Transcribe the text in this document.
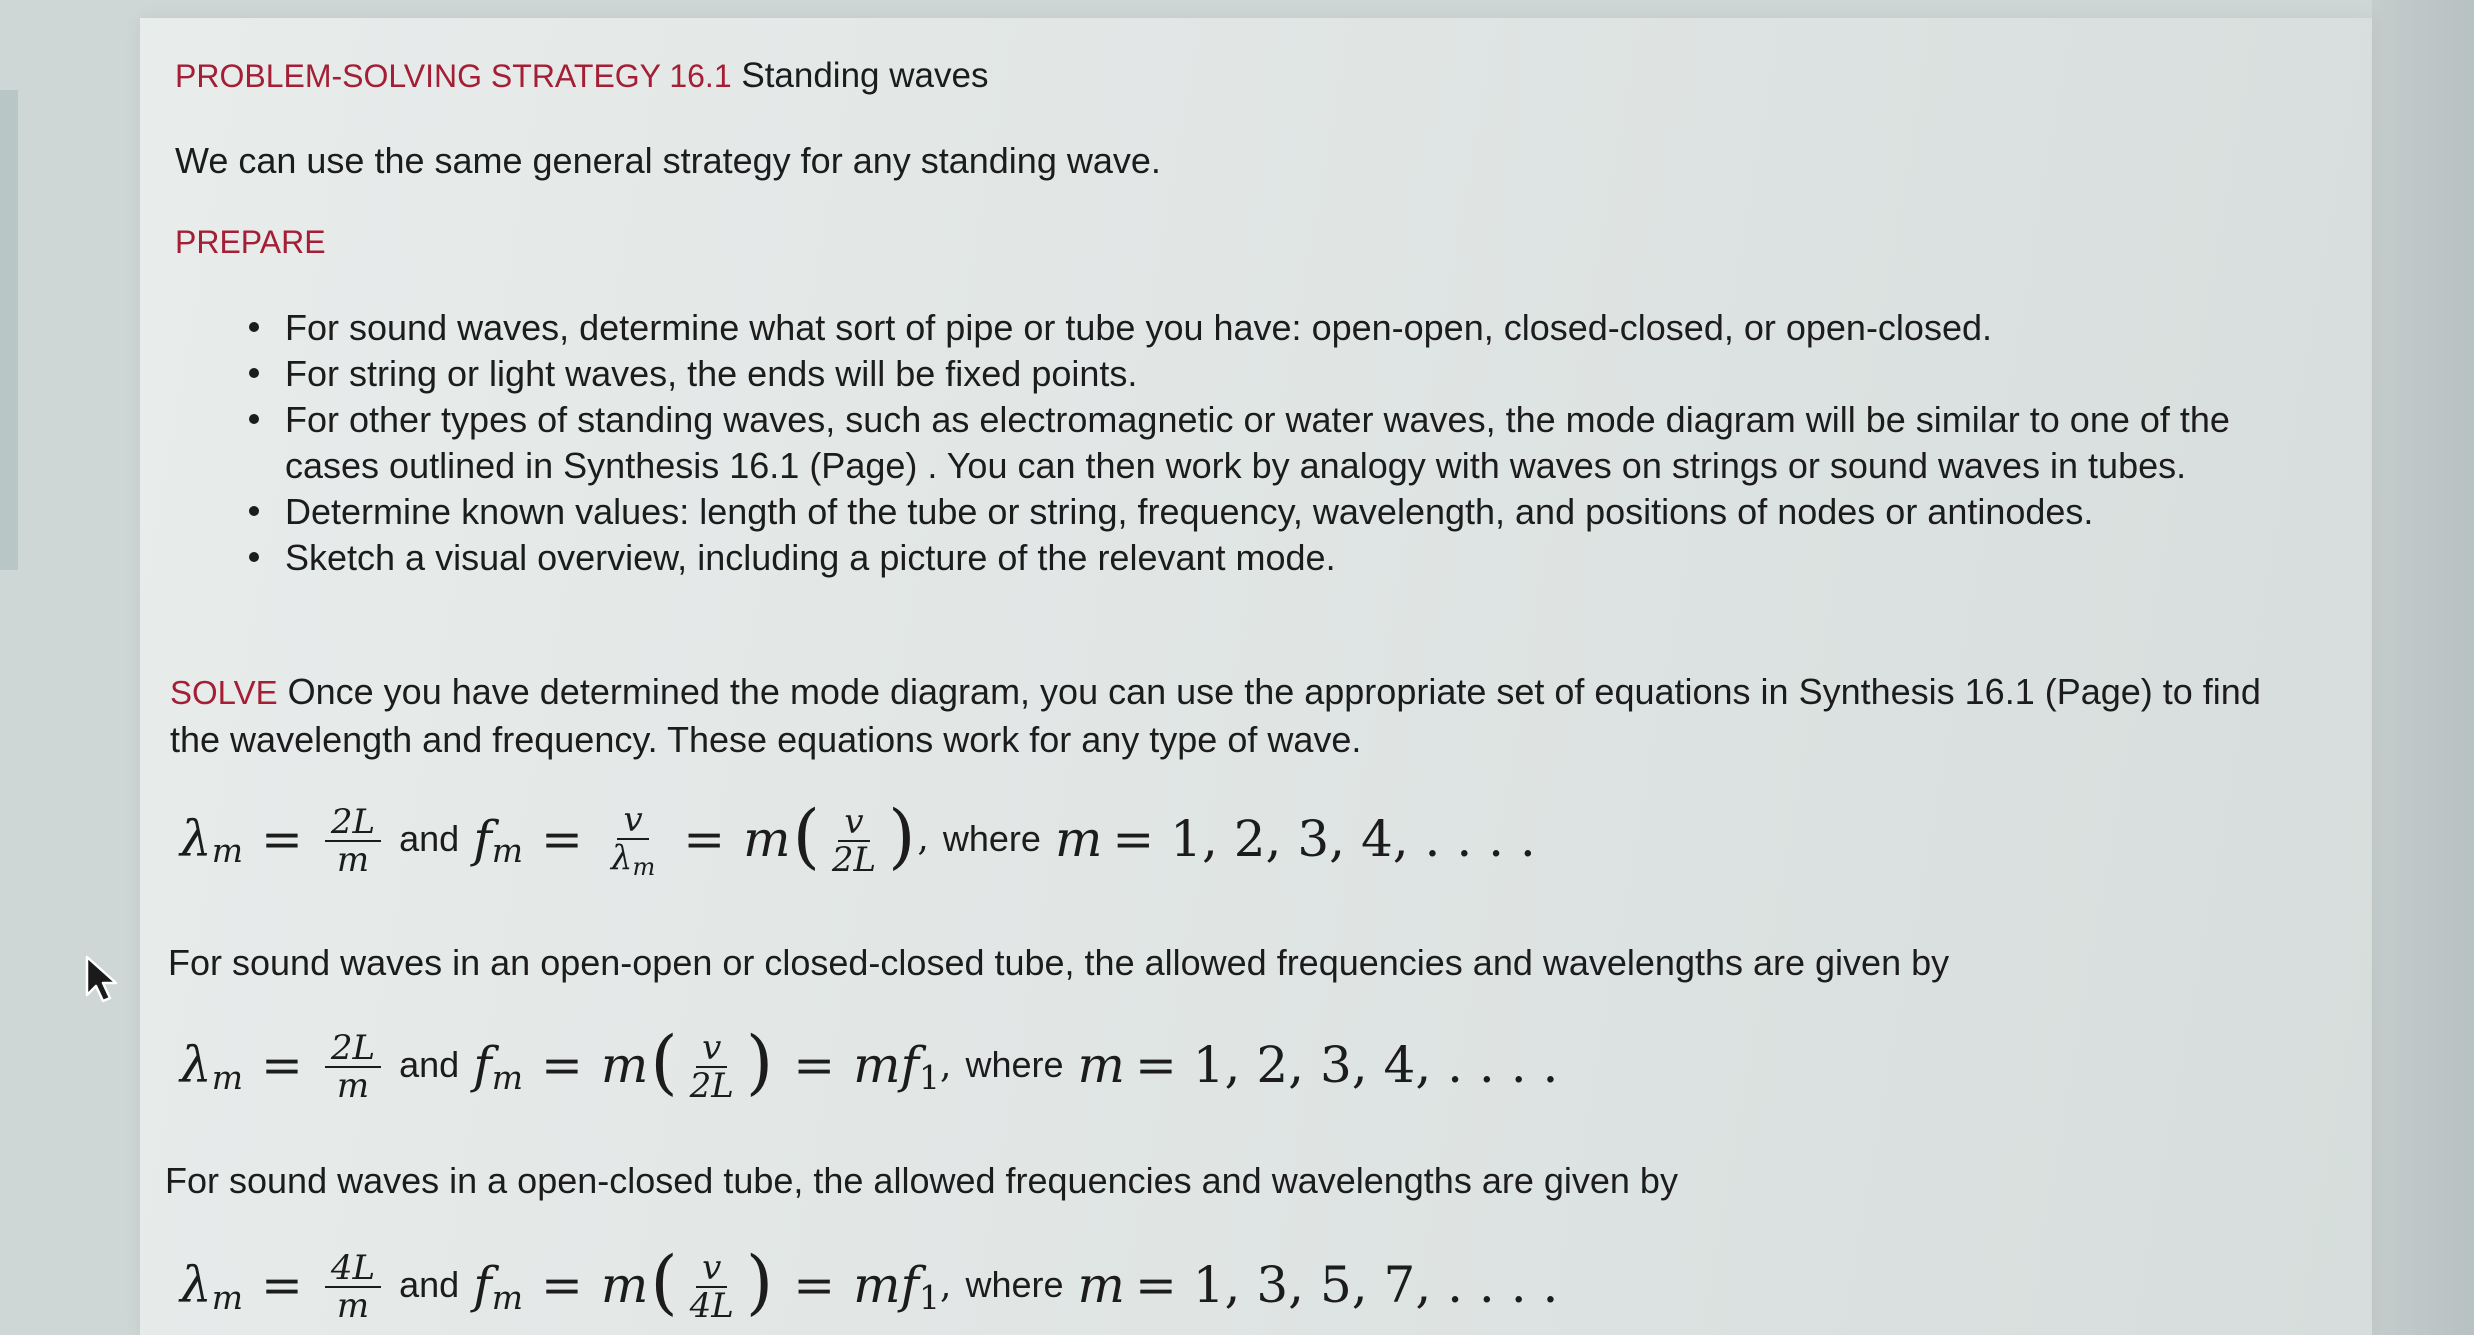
PROBLEM-SOLVING STRATEGY 16.1 Standing waves
We can use the same general strategy for any standing wave.
PREPARE
For sound waves, determine what sort of pipe or tube you have: open-open, closed-closed, or open-closed.
For string or light waves, the ends will be fixed points.
For other types of standing waves, such as electromagnetic or water waves, the mode diagram will be similar to one of the cases outlined in Synthesis 16.1 (Page) . You can then work by analogy with waves on strings or sound waves in tubes.
Determine known values: length of the tube or string, frequency, wavelength, and positions of nodes or antinodes.
Sketch a visual overview, including a picture of the relevant mode.
SOLVE Once you have determined the mode diagram, you can use the appropriate set of equations in Synthesis 16.1 (Page) to find the wavelength and frequency. These equations work for any type of wave.
λ $m = \frac{2L}{m}$ and f $m = \frac{v}{\lambda m} = m$ ( $\frac{v}{2L}$ ) , where m = 1, 2, 3, 4, . . . .
For sound waves in an open-open or closed-closed tube, the allowed frequencies and wavelengths are given by
λ $m = \frac{2L}{m}$ and f m = m ( $\frac{v}{2L}$ ) = mf 1 , where m = 1, 2, 3, 4, . . . .
For sound waves in a open-closed tube, the allowed frequencies and wavelengths are given by
λ $m = \frac{4L}{m}$ and f m = m ( $\frac{v}{4L}$ ) = mf 1 , where m = 1, 3, 5, 7, . . . .
